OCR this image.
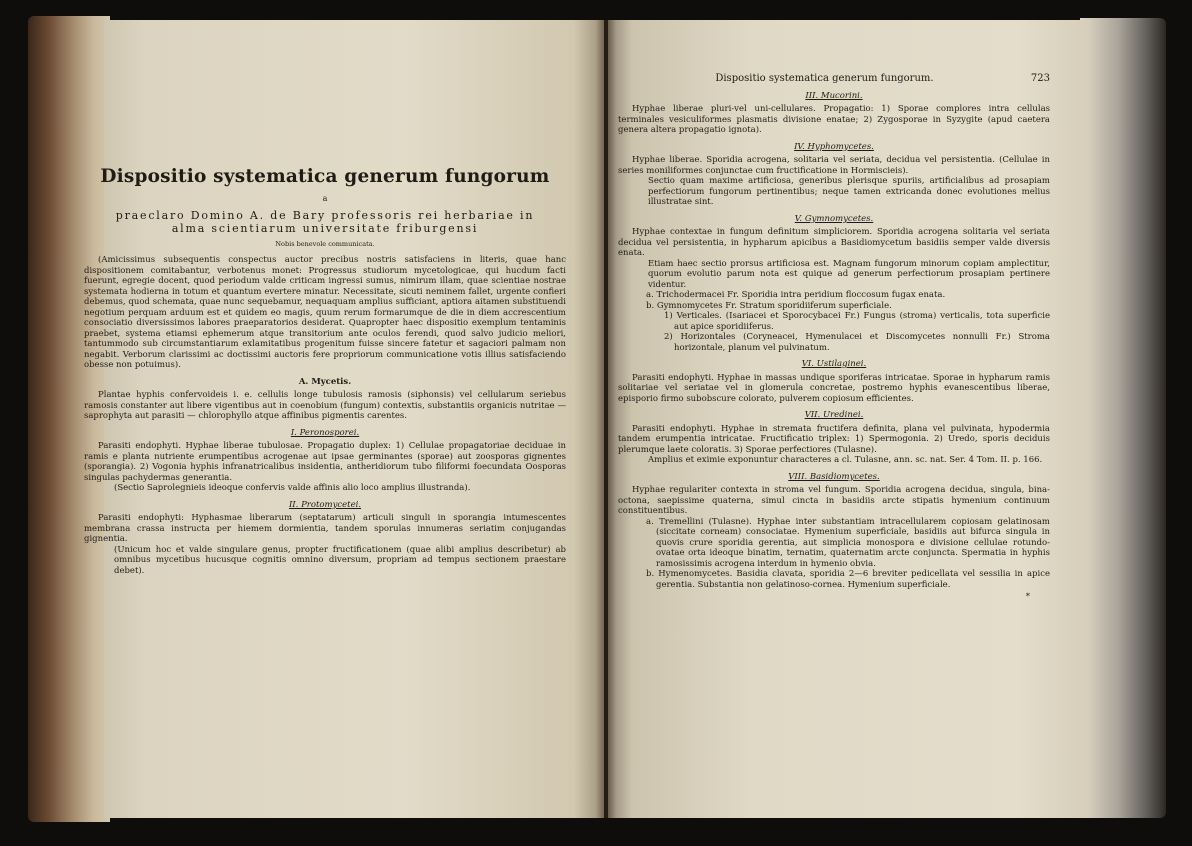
Dispositio systematica generum fungorum

a

praeclaro Domino A. de Bary professoris rei herbariae in

alma scientiarum universitate friburgensi

Nobis benevole communicata.

(Amicissimus subsequentis conspectus auctor precibus nostris satisfaciens in literis, quae hanc dispositionem comitabantur, verbotenus monet: Progressus studiorum mycetologicae, qui hucdum facti fuerunt, egregie docent, quod periodum valde criticam ingressi sumus, nimirum illam, quae scientiae nostrae systemata hodierna in totum et quantum evertere minatur. Necessitate, sicuti neminem fallet, urgente confieri debemus, quod schemata, quae nunc sequebamur, nequaquam amplius sufficiant, aptiora aitamen substituendi negotium perquam arduum est et quidem eo magis, quum rerum formarumque de die in diem accrescentium consociatio diversissimos labores praeparatorios desiderat. Quapropter haec dispositio exemplum tentaminis praebet, systema etiamsi ephemerum atque transitorium ante oculos ferendi, quod salvo judicio meliori, tantummodo sub circumstantiarum exlamitatibus progenitum fuisse sincere fatetur et sagaciori palmam non negabit. Verborum clarissimi ac doctissimi auctoris fere propriorum communicatione votis illius satisfaciendo obesse non potuimus).

A. Mycetis.

Plantae hyphis confervoideis i. e. cellulis longe tubulosis ramosis (siphonsis) vel cellularum seriebus ramosis constanter aut libere vigentibus aut in coenobium (fungum) contextis, substantiis organicis nutritae — saprophyta aut parasiti — chlorophyllo atque affinibus pigmentis carentes.

I. Peronosporei.

Parasiti endophyti. Hyphae liberae tubulosae. Propagatio duplex: 1) Cellulae propagatoriae deciduae in ramis e planta nutriente erumpentibus acrogenae aut ipsae germinantes (sporae) aut zoosporas gignentes (sporangia). 2) Vogonia hyphis infranatricalibus insidentia, antheridiorum tubo filiformi foecundata Oosporas singulas pachydermas generantia.

(Sectio Saprolegnieis ideoque confervis valde affinis alio loco amplius illustranda).

II. Protomycetei.

Parasiti endophyti: Hyphasmae liberarum (septatarum) articuli singuli in sporangia intumescentes membrana crassa instructa per hiemem dormientia, tandem sporulas innumeras seriatim conjugandas gignentia.

(Unicum hoc et valde singulare genus, propter fructificationem (quae alibi amplius describetur) ab omnibus mycetibus hucusque cognitis omnino diversum, propriam ad tempus sectionem praestare debet).

Dispositio systematica generum fungorum.	723

III. Mucorini.

Hyphae liberae pluri-vel uni-cellulares. Propagatio: 1) Sporae complores intra cellulas terminales vesiculiformes plasmatis divisione enatae; 2) Zygosporae in Syzygite (apud caetera genera altera propagatio ignota).

IV. Hyphomycetes.

Hyphae liberae. Sporidia acrogena, solitaria vel seriata, decidua vel persistentia. (Cellulae in series moniliformes conjunctae cum fructificatione in Hormiscieis).

Sectio quam maxime artificiosa, generibus plerisque spuriis, artificialibus ad prosapiam perfectiorum fungorum pertinentibus; neque tamen extricanda donec evolutiones melius illustratae sint.

V. Gymnomycetes.

Hyphae contextae in fungum definitum simpliciorem. Sporidia acrogena solitaria vel seriata decidua vel persistentia, in hypharum apicibus a Basidiomycetum basidiis semper valde diversis enata.

Etiam haec sectio prorsus artificiosa est. Magnam fungorum minorum copiam amplectitur, quorum evolutio parum nota est quique ad generum perfectiorum prosapiam pertinere videntur.

a. Trichodermacei Fr. Sporidia intra peridium floccosum fugax enata.

b. Gymnomycetes Fr. Stratum sporidiiferum superficiale.

1) Verticales. (Isariacei et Sporocybacei Fr.) Fungus (stroma) verticalis, tota superficie aut apice sporidiiferus.

2) Horizontales (Coryneacei, Hymenulacei et Discomycetes nonnulli Fr.) Stroma horizontale, planum vel pulvinatum.

VI. Ustilaginei.

Parasiti endophyti. Hyphae in massas undique sporiferas intricatae. Sporae in hypharum ramis solitariae vel seriatae vel in glomerula concretae, postremo hyphis evanescentibus liberae, episporio firmo subobscure colorato, pulverem copiosum efficientes.

VII. Uredinei.

Parasiti endophyti. Hyphae in stremata fructifera definita, plana vel pulvinata, hypodermia tandem erumpentia intricatae. Fructificatio triplex: 1) Spermogonia. 2) Uredo, sporis deciduis plerumque laete coloratis. 3) Sporae perfectiores (Tulasne).

Amplius et eximie exponuntur characteres a cl. Tulasne, ann. sc. nat. Ser. 4 Tom. II. p. 166.

VIII. Basidiomycetes.

Hyphae regulariter contexta in stroma vel fungum. Sporidia acrogena decidua, singula, bina-octona, saepissime quaterna, simul cincta in basidiis arcte stipatis hymenium continuum constituentibus.

a. Tremellini (Tulasne). Hyphae inter substantiam intracellularem copiosam gelatinosam (siccitate corneam) consociatae. Hymenium superficiale, basidiis aut bifurca singula in quovis crure sporidia gerentia, aut simplicia monospora e divisione cellulae rotundo-ovatae orta ideoque binatim, ternatim, quaternatim arcte conjuncta. Spermatia in hyphis ramosissimis acrogena interdum in hymenio obvia.

b. Hymenomycetes. Basidia clavata, sporidia 2—6 breviter pedicellata vel sessilia in apice gerentia. Substantia non gelatinoso-cornea. Hymenium superficiale.

*
